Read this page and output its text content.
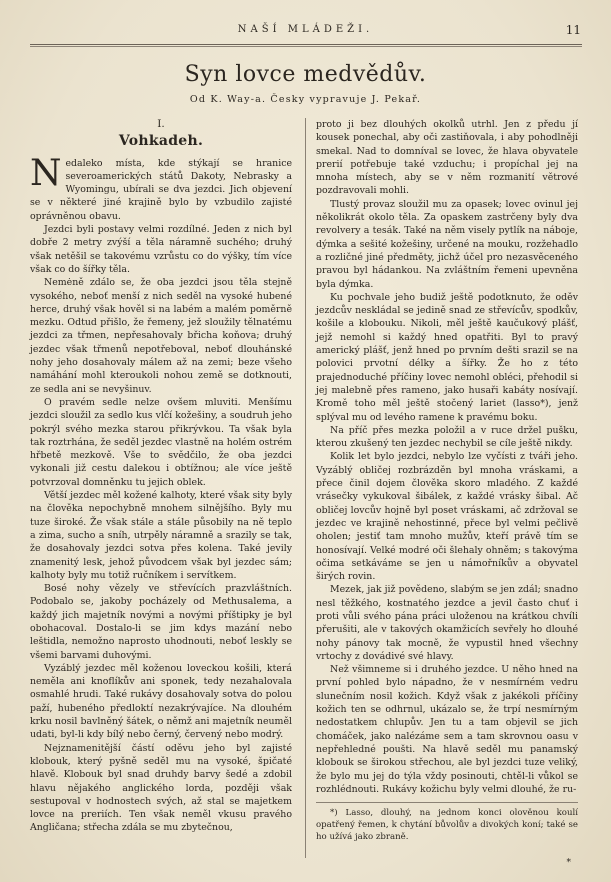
NAŠÍ MLÁDEŽI.	11
Syn lovce medvědův.
Od K. Way-a. Česky vypravuje J. Pekař.
I.
Vohkadeh.

Nedaleko místa, kde stýkají se hranice severoamerických států Dakoty, Nebrasky a Wyomingu, ubírali se dva jezdci. Jich objevení se v některé jiné krajině bylo by vzbudilo zajisté oprávněnou obavu.

Jezdci byli postavy velmi rozdílné. Jeden z nich byl dobře 2 metry zvýší a těla náramně suchého; druhý však netěšil se takovému vzrůstu co do výšky, tím více však co do šířky těla.

Nemėně zdálo se, že oba jezdci jsou těla stejně vysokého, neboť menší z nich seděl na vysoké hubené herce, druhý však hověl si na labém a malém poměrně mezku. Odtud přišlo, že řemeny, jež sloužily tělnatému jezdci za třmen, nepřesahovaly břicha koňova; druhý jezdec však třmenů nepotřeboval, neboť dlouhánské nohy jeho dosahovaly málem až na zemi; beze všeho namáhání mohl kteroukoli nohou země se dotknouti, ze sedla ani se nevyšinuv.

O pravém sedle nelze ovšem mluviti. Menšímu jezdci sloužil za sedlo kus vlčí kožešiny, a soudruh jeho pokrýl svého mezka starou přikrývkou. Ta však byla tak roztrhána, že seděl jezdec vlastně na holém ostrém hřbetě mezkově. Vše to svědčilo, že oba jezdci vykonali již cestu dalekou i obtížnou; ale více ještě potvrzoval domněnku tu jejich oblek.

Větší jezdec měl kožené kalhoty, které však sity byly na člověka nepochybně mnohem silnějšího. Byly mu tuze široké. Že však stále a stále působily na ně teplo a zima, sucho a sníh, utrpěly náramně a srazily se tak, že dosahovaly jezdci sotva přes kolena. Také jevily znamenitý lesk, jehož původcem však byl jezdec sám; kalhoty byly mu totiž ručníkem i servítkem.

Bosé nohy vězely ve střevících prazvláštních. Podobalo se, jakoby pocházely od Methusalema, a každý jich majetník novými a novými příštipky je byl obohacoval. Dostalo-li se jim kdys mazání nebo leštidla, nemožno naprosto uhodnouti, neboť leskly se všemi barvami duhovými.

Vyzáblý jezdec měl koženou loveckou košili, která neměla ani knoflíkův ani sponek, tedy nezahalovala osmahlé hrudi. Také rukávy dosahovaly sotva do polou paží, hubeného předloktí nezakrývajíce. Na dlouhém krku nosil bavlněný šátek, o němž ani majetník neuměl udati, byl-li kdy bílý nebo černý, červený nebo modrý.

Nejznamenitější částí oděvu jeho byl zajisté klobouk, který pyšně seděl mu na vysoké, špičaté hlavě. Klobouk byl snad druhdy barvy šedé a zdobil hlavu nějakého anglického lorda, později však sestupoval v hodnostech svých, až stal se majetkem lovce na preriích. Ten však neměl vkusu pravého Angličana; střecha zdála se mu zbytečnou,

proto ji bez dlouhých okolků utrhl. Jen z předu jí kousek ponechal, aby oči zastiňovala, i aby pohodlněji smekal. Nad to domníval se lovec, že hlava obyvatele prerií potřebuje také vzduchu; i propíchal jej na mnoha místech, aby se v něm rozmanití větrové pozdravovali mohli.

Tlustý provaz sloužil mu za opasek; lovec ovinul jej několikrát okolo těla. Za opaskem zastrčeny byly dva revolvery a tesák. Také na něm visely pytlík na náboje, dýmka a sešité kožešiny, určené na mouku, rozžehadlo a rozličné jiné předměty, jichž účel pro nezasvěceného pravou byl hádankou. Na zvláštním řemeni upevněna byla dýmka.

Ku pochvale jeho budiž ještě podotknuto, že oděv jezdcův neskládal se jedině snad ze střevícův, spodkův, košile a klobouku. Nikoli, měl ještě kaučukový plášť, jejž nemohl si každý hned opatřiti. Byl to pravý americký plášť, jenž hned po prvním dešti srazil se na polovici prvotní délky a šířky. Že ho z této prajednoduché příčiny lovec nemohl obléci, přehodil si jej malebně přes rameno, jako husaři kabáty nosívají. Kromě toho měl ještě stočený lariet (lasso*), jenž splýval mu od levého ramene k pravému boku.

Na příč přes mezka položil a v ruce držel pušku, kterou zkušený ten jezdec nechybil se cíle ještě nikdy.

Kolik let bylo jezdci, nebylo lze vyčísti z tváři jeho. Vyzáblý obličej rozbrázděn byl mnoha vráskami, a přece činil dojem člověka skoro mladého. Z každé vrásečky vykukoval šibálek, z každé vrásky šibal. Ač obličej lovcův hojně byl poset vráskami, ač zdržoval se jezdec ve krajině nehostinné, přece byl velmi pečlivě oholen; jestiť tam mnoho mužův, kteří právě tím se honosívají. Velké modré oči šlehaly ohněm; s takovýma očima setkáváme se jen u námořníkův a obyvatel širých rovin.

Mezek, jak již povědeno, slabým se jen zdál; snadno nesl těžkého, kostnatého jezdce a jevil často chuť i proti vůli svého pána práci uloženou na krátkou chvíli přerušiti, ale v takových okamžicích sevřely ho dlouhé nohy pánovy tak mocně, že vypustil hned všechny vrtochy z dovádivé své hlavy.

Než všimneme si i druhého jezdce. U něho hned na první pohled bylo nápadno, že v nesmírném vedru slunečním nosil kožich. Když však z jakékoli příčiny kožich ten se odhrnul, ukázalo se, že trpí nesmírným nedostatkem chlupův. Jen tu a tam objevil se jich chomáček, jako nalézáme sem a tam skrovnou oasu v nepřehledné poušti. Na hlavě seděl mu panamský klobouk se širokou střechou, ale byl jezdci tuze veliký, že bylo mu jej do týla vždy posinouti, chtěl-li vůkol se rozhlédnouti. Rukávy kožichu byly velmi dlouhé, že ru-

*) Lasso, dlouhý, na jednom konci olověnou koulí opatřený řemen, k chytání bůvolův a divokých koní; také se ho užívá jako zbraně.

*
